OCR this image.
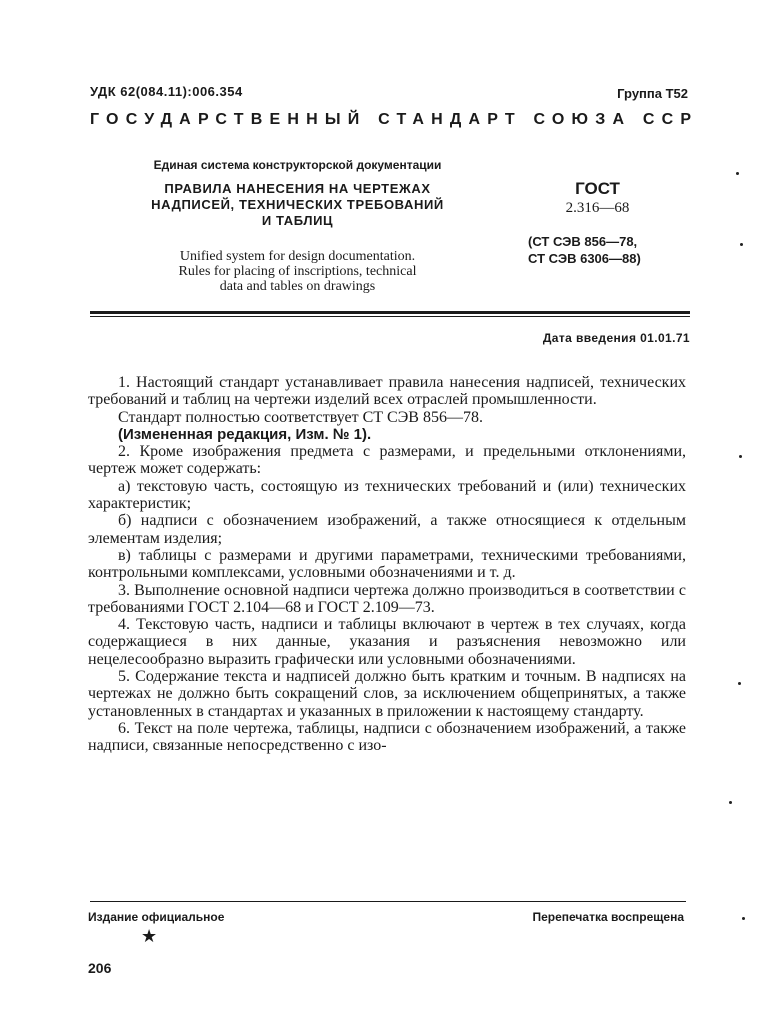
УДК 62(084.11):006.354	Группа Т52
ГОСУДАРСТВЕННЫЙ СТАНДАРТ СОЮЗА ССР
Единая система конструкторской документации
ПРАВИЛА НАНЕСЕНИЯ НА ЧЕРТЕЖАХ
НАДПИСЕЙ, ТЕХНИЧЕСКИХ ТРЕБОВАНИЙ
И ТАБЛИЦ
Unified system for design documentation.
Rules for placing of inscriptions, technical
data and tables on drawings
ГОСТ
2.316—68
(СТ СЭВ 856—78,
СТ СЭВ 6306—88)
Дата введения 01.01.71

1. Настоящий стандарт устанавливает правила нанесения надписей, технических требований и таблиц на чертежи изделий всех отраслей промышленности.

Стандарт полностью соответствует СТ СЭВ 856—78.

(Измененная редакция, Изм. № 1).

2. Кроме изображения предмета с размерами, и предельными отклонениями, чертеж может содержать:

а) текстовую часть, состоящую из технических требований и (или) технических характеристик;

б) надписи с обозначением изображений, а также относящиеся к отдельным элементам изделия;

в) таблицы с размерами и другими параметрами, техническими требованиями, контрольными комплексами, условными обозначениями и т. д.

3. Выполнение основной надписи чертежа должно производиться в соответствии с требованиями ГОСТ 2.104—68 и ГОСТ 2.109—73.

4. Текстовую часть, надписи и таблицы включают в чертеж в тех случаях, когда содержащиеся в них данные, указания и разъяснения невозможно или нецелесообразно выразить графически или условными обозначениями.

5. Содержание текста и надписей должно быть кратким и точным. В надписях на чертежах не должно быть сокращений слов, за исключением общепринятых, а также установленных в стандартах и указанных в приложении к настоящему стандарту.

6. Текст на поле чертежа, таблицы, надписи с обозначением изображений, а также надписи, связанные непосредственно с изо-

Издание официальное	Перепечатка воспрещена
★
206
